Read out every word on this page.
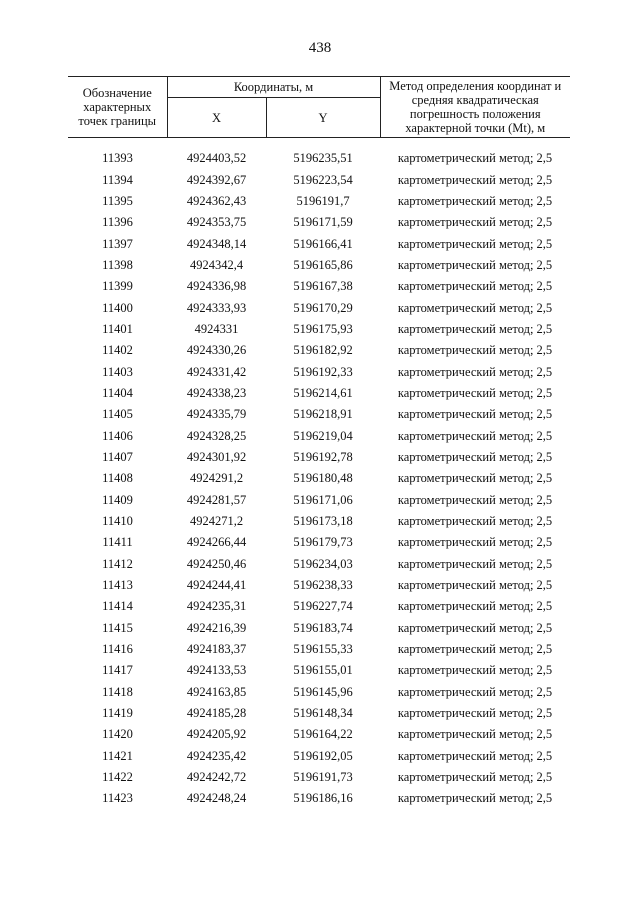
438
Обозначение характерных точек границы	Координаты, м		Метод определения координат и средняя квадратическая погрешность положения характерной точки (Mt), м
	X	Y	

11393	4924403,52	5196235,51	картометрический метод; 2,5
11394	4924392,67	5196223,54	картометрический метод; 2,5
11395	4924362,43	5196191,7	картометрический метод; 2,5
11396	4924353,75	5196171,59	картометрический метод; 2,5
11397	4924348,14	5196166,41	картометрический метод; 2,5
11398	4924342,4	5196165,86	картометрический метод; 2,5
11399	4924336,98	5196167,38	картометрический метод; 2,5
11400	4924333,93	5196170,29	картометрический метод; 2,5
11401	4924331	5196175,93	картометрический метод; 2,5
11402	4924330,26	5196182,92	картометрический метод; 2,5
11403	4924331,42	5196192,33	картометрический метод; 2,5
11404	4924338,23	5196214,61	картометрический метод; 2,5
11405	4924335,79	5196218,91	картометрический метод; 2,5
11406	4924328,25	5196219,04	картометрический метод; 2,5
11407	4924301,92	5196192,78	картометрический метод; 2,5
11408	4924291,2	5196180,48	картометрический метод; 2,5
11409	4924281,57	5196171,06	картометрический метод; 2,5
11410	4924271,2	5196173,18	картометрический метод; 2,5
11411	4924266,44	5196179,73	картометрический метод; 2,5
11412	4924250,46	5196234,03	картометрический метод; 2,5
11413	4924244,41	5196238,33	картометрический метод; 2,5
11414	4924235,31	5196227,74	картометрический метод; 2,5
11415	4924216,39	5196183,74	картометрический метод; 2,5
11416	4924183,37	5196155,33	картометрический метод; 2,5
11417	4924133,53	5196155,01	картометрический метод; 2,5
11418	4924163,85	5196145,96	картометрический метод; 2,5
11419	4924185,28	5196148,34	картометрический метод; 2,5
11420	4924205,92	5196164,22	картометрический метод; 2,5
11421	4924235,42	5196192,05	картометрический метод; 2,5
11422	4924242,72	5196191,73	картометрический метод; 2,5
11423	4924248,24	5196186,16	картометрический метод; 2,5
